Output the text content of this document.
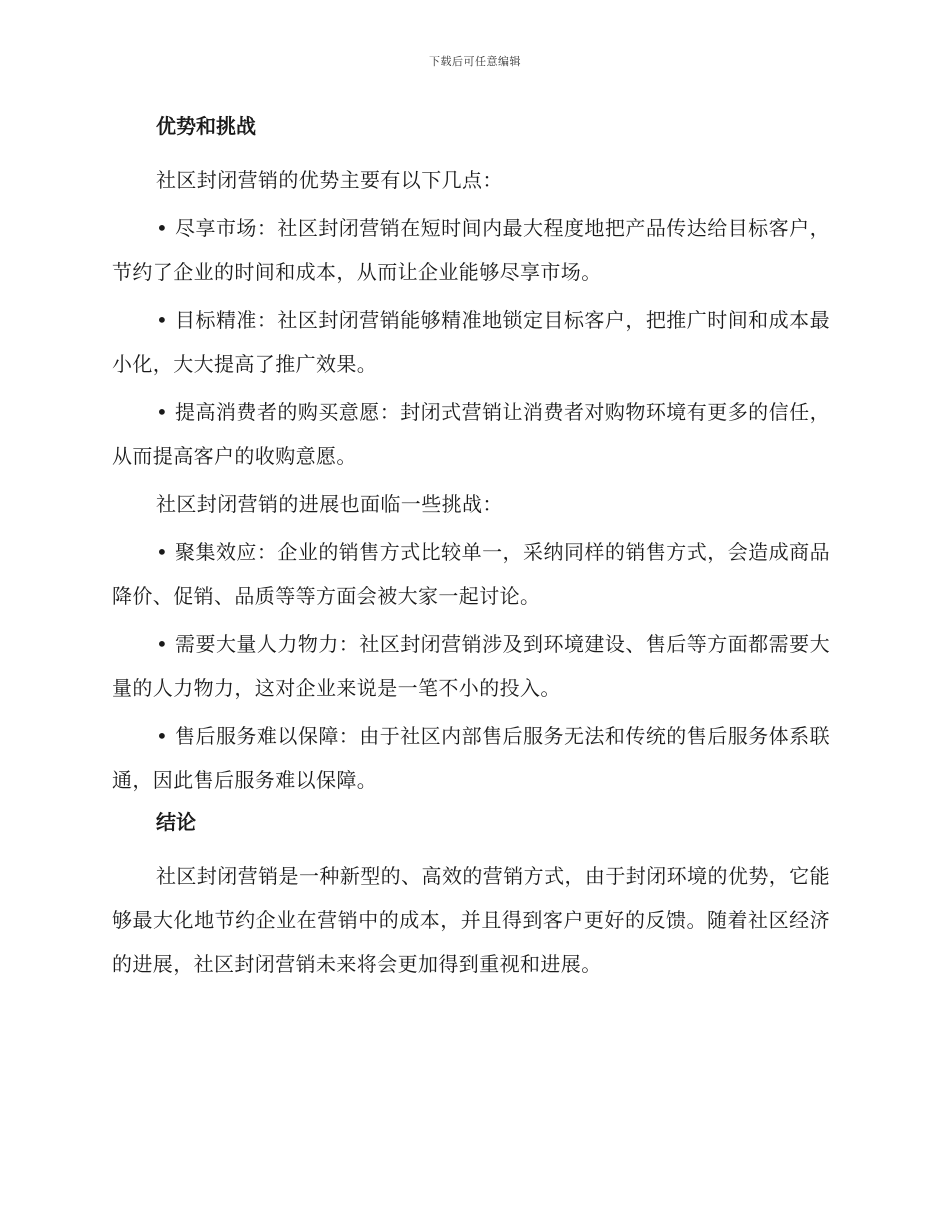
下载后可任意编辑
优势和挑战

社区封闭营销的优势主要有以下几点：

• 尽享市场：社区封闭营销在短时间内最大程度地把产品传达给目标客户，节约了企业的时间和成本，从而让企业能够尽享市场。

• 目标精准：社区封闭营销能够精准地锁定目标客户，把推广时间和成本最小化，大大提高了推广效果。

• 提高消费者的购买意愿：封闭式营销让消费者对购物环境有更多的信任，从而提高客户的收购意愿。

社区封闭营销的进展也面临一些挑战：

• 聚集效应：企业的销售方式比较单一，采纳同样的销售方式，会造成商品降价、促销、品质等等方面会被大家一起讨论。

• 需要大量人力物力：社区封闭营销涉及到环境建设、售后等方面都需要大量的人力物力，这对企业来说是一笔不小的投入。

• 售后服务难以保障：由于社区内部售后服务无法和传统的售后服务体系联通，因此售后服务难以保障。

结论

社区封闭营销是一种新型的、高效的营销方式，由于封闭环境的优势，它能够最大化地节约企业在营销中的成本，并且得到客户更好的反馈。随着社区经济的进展，社区封闭营销未来将会更加得到重视和进展。
